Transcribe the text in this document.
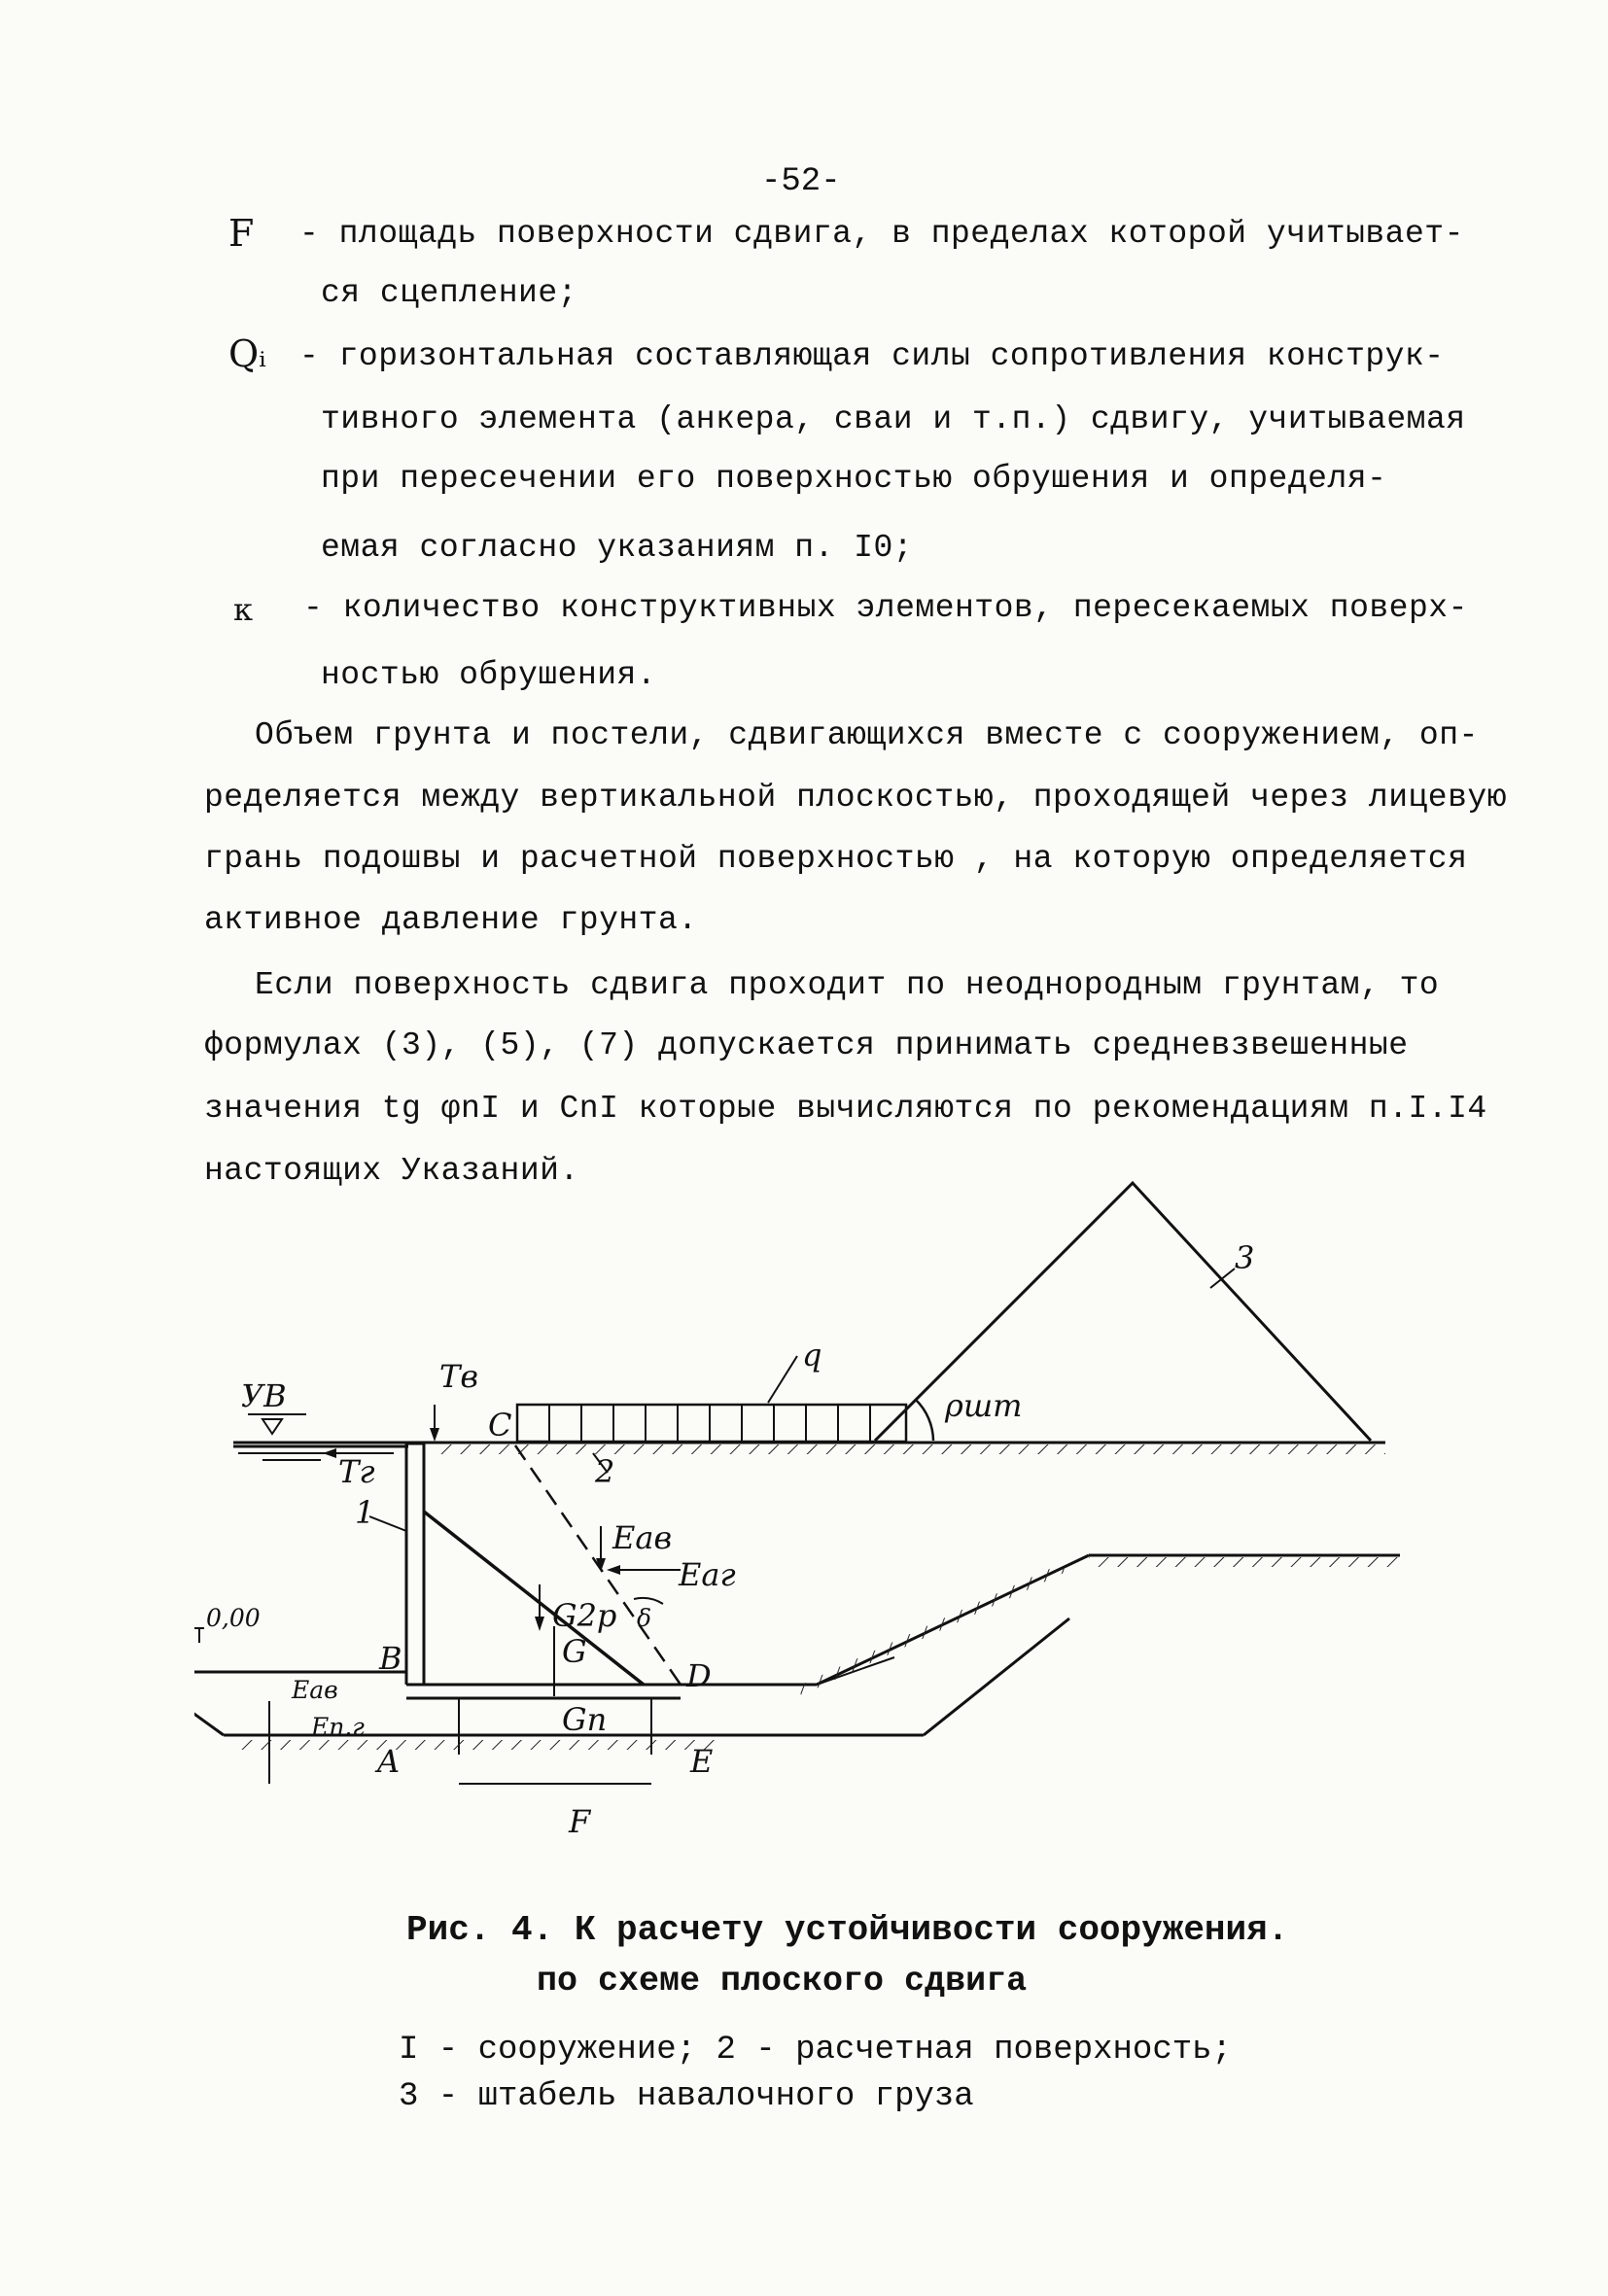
-52-
F - площадь поверхности сдвига, в пределах которой учитывает-
ся сцепление;
Qᵢ - горизонтальная составляющая силы сопротивления конструк-
тивного элемента (анкера, сваи и т.п.) сдвигу, учитываемая
при пересечении его поверхностью обрушения и определя-
емая согласно указаниям п. I0;
к - количество конструктивных элементов, пересекаемых поверх-
ностью обрушения.
Объем грунта и постели, сдвигающихся вместе с сооружением, оп-
ределяется между вертикальной плоскостью, проходящей через лицевую
грань подошвы и расчетной поверхностью , на которую определяется
активное давление грунта.
Если поверхность сдвига проходит по неоднородным грунтам, то
формулах (3), (5), (7) допускается принимать средневзвешенные
значения tg φnI и CnI которые вычисляются по рекомендациям п.I.I4
настоящих Указаний.
УВ
Tв
Tг
C
q
ρшт
3
1
2
Eaв
Eaг
δ
0,00
B
G2p
G
D
Eав
Eп.г	Gп
A	E
F
Рис. 4. К расчету устойчивости сооружения.
по схеме плоского сдвига
I - сооружение; 2 - расчетная поверхность;
3 - штабель навалочного груза
